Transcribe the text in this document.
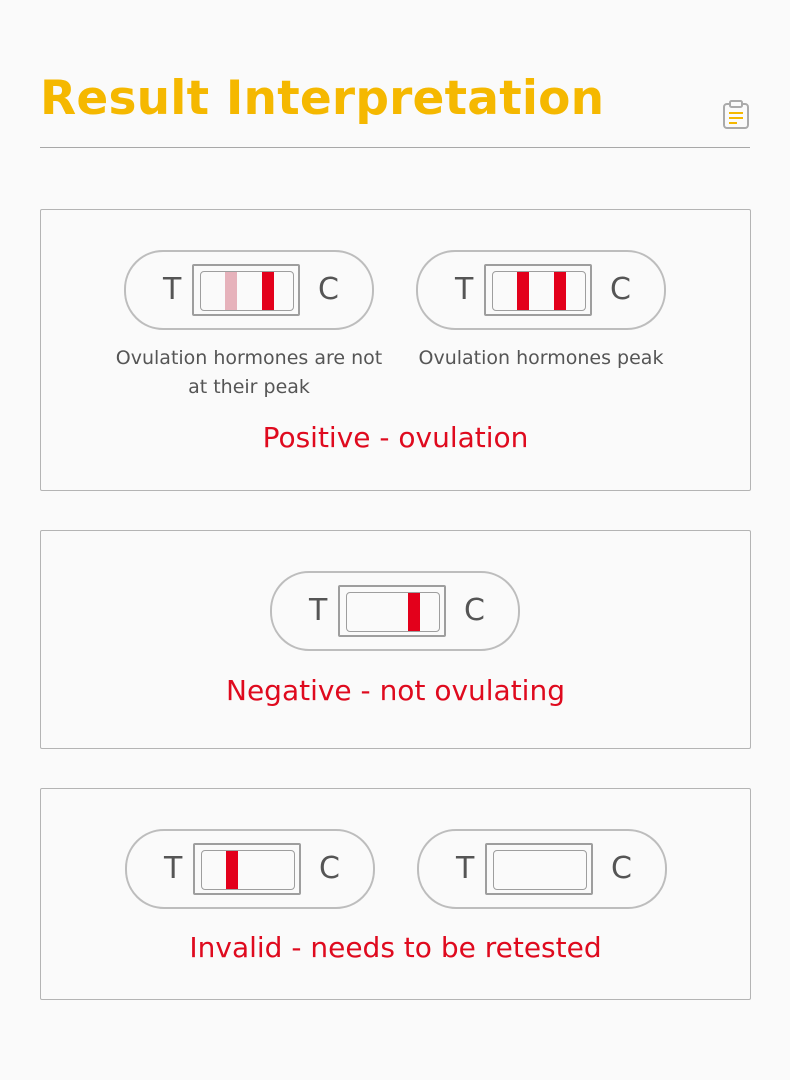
Result Interpretation
T	C
Ovulation hormones are not at their peak
T	C
Ovulation hormones peak
Positive - ovulation
T	C
Negative - not ovulating
T	C	T	C
Invalid - needs to be retested
